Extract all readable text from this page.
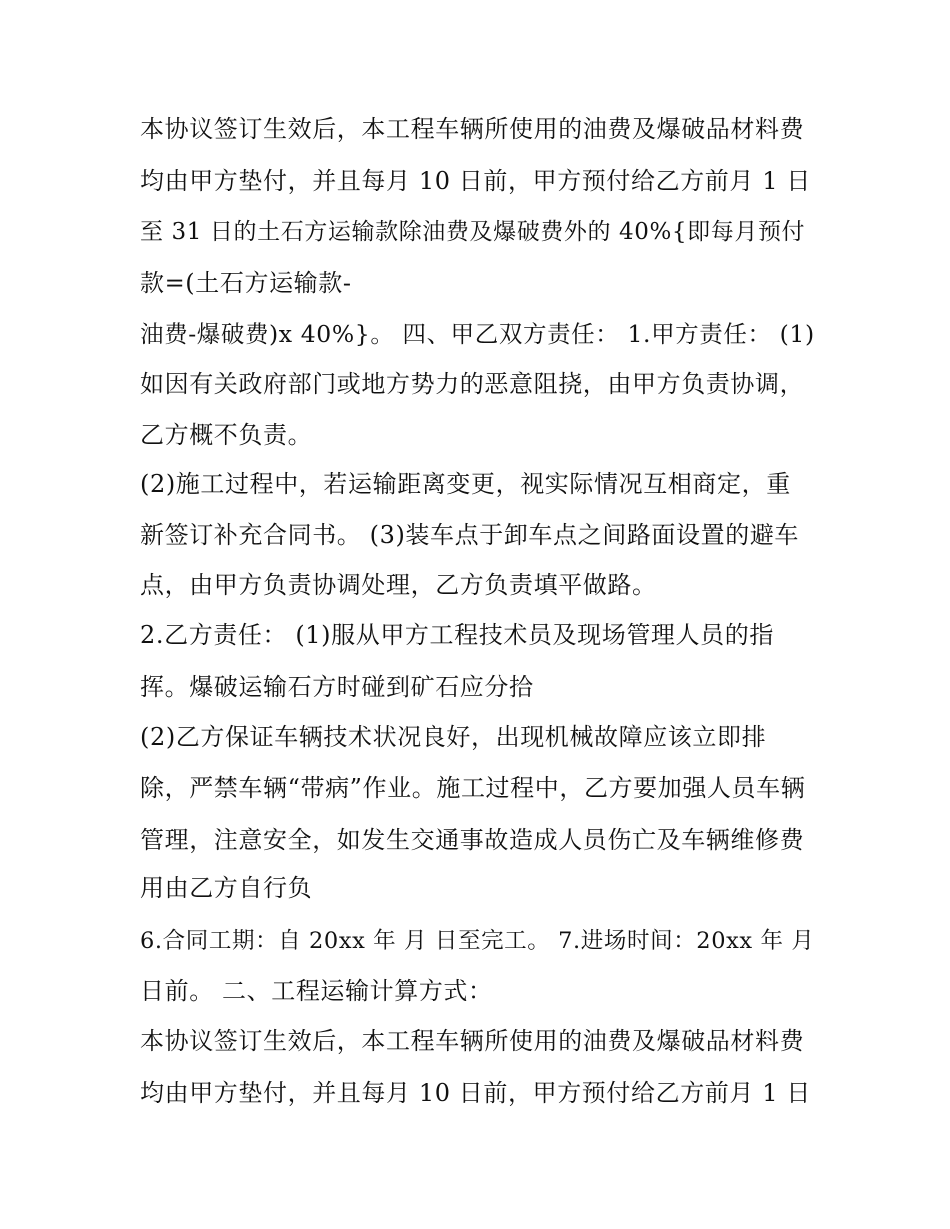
本协议签订生效后，本工程车辆所使用的油费及爆破品材料费
均由甲方垫付，并且每月 10 日前，甲方预付给乙方前月 1 日
至 31 日的土石方运输款除油费及爆破费外的 40%{即每月预付
款=(土石方运输款-
油费-爆破费)x 40%}。 四、甲乙双方责任： 1.甲方责任： (1)
如因有关政府部门或地方势力的恶意阻挠，由甲方负责协调，
乙方概不负责。
(2)施工过程中，若运输距离变更，视实际情况互相商定，重
新签订补充合同书。 (3)装车点于卸车点之间路面设置的避车
点，由甲方负责协调处理，乙方负责填平做路。
2.乙方责任： (1)服从甲方工程技术员及现场管理人员的指
挥。爆破运输石方时碰到矿石应分拾
(2)乙方保证车辆技术状况良好，出现机械故障应该立即排
除，严禁车辆“带病”作业。施工过程中，乙方要加强人员车辆
管理，注意安全，如发生交通事故造成人员伤亡及车辆维修费
用由乙方自行负
6.合同工期：自 20xx 年 月 日至完工。 7.进场时间：20xx 年 月
日前。 二、工程运输计算方式：
本协议签订生效后，本工程车辆所使用的油费及爆破品材料费
均由甲方垫付，并且每月 10 日前，甲方预付给乙方前月 1 日
